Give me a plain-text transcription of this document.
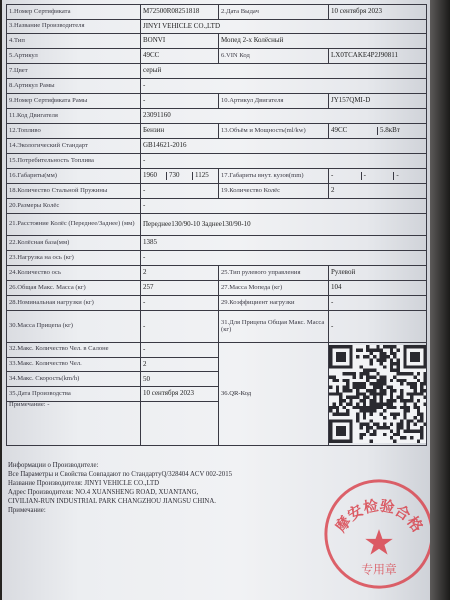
1.Номер Сертификата	M72500R08251818	2.Дата Выдач	10 сентября 2023
3.Название Производителя	JINYI VEHICLE CO.,LTD		
4.Тип	BONVI	Мопед 2-х Колёсный	
5.Артикул	49CC	6.VIN Код	LX0TCAKE4P2J90811
7.Цвет	серый		
8.Артикул Рамы	-		
9.Номер Сертификата Рамы	-	10.Артикул Двигателя	JY157QMI-D
11.Код Двигателя	23091160		
12.Топливо	Бензин	13.Объём и Мощность(ml/kw)	49CC 5.8кВт

14.Экологический Стандарт	GB14621-2016		
15.Потребительность Топлива	-		
16.Габариты(мм)	1960 730 1125	17.Габариты внут. кузов(mm)	- - -

18.Количество Стальной Пружины	-	19.Количество Колёс	2
20.Размеры Колёс	-		
21.Расстояние Колёс (Переднее/Заднее) (мм)	Переднее130/90-10 Заднее130/90-10		
22.Колёсная база(мм)	1385		
23.Нагрузка на ось (кг)	-		
24.Количество ось	2	25.Тип рулевого управления	Рулевой
26.Общая Макс. Масса (кг)	257	27.Масса Мопеда (кг)	104
28.Номинальная нагрузки (кг)	-	29.Коэффициент нагрузки	-
30.Масса Прицепа (кг)	-	31.Для Прицепа Общая Макс. Масса (кг)	-
32.Макс. Количество Чел. в Салоне	-	36.QR-Код	

33.Макс. Количество Чел.	2		
34.Макс. Скорость(km/h)	50		
35.Дата Производства	10 сентября 2023		
Примечание: -			
Информации о Производителе:
Все Параметры и Свойства Совпадают по СтандартуQ/328404 ACV 002-2015
Название Производителя: JINYI VEHICLE CO.,LTD
Адрес Производителя: NO.4 XUANSHENG ROAD, XUANTANG,
CIVILIAN-RUN INDUSTRIAL PARK CHANGZHOU JIANGSU CHINA.
Примечание:
摩安检验合格
专用章
